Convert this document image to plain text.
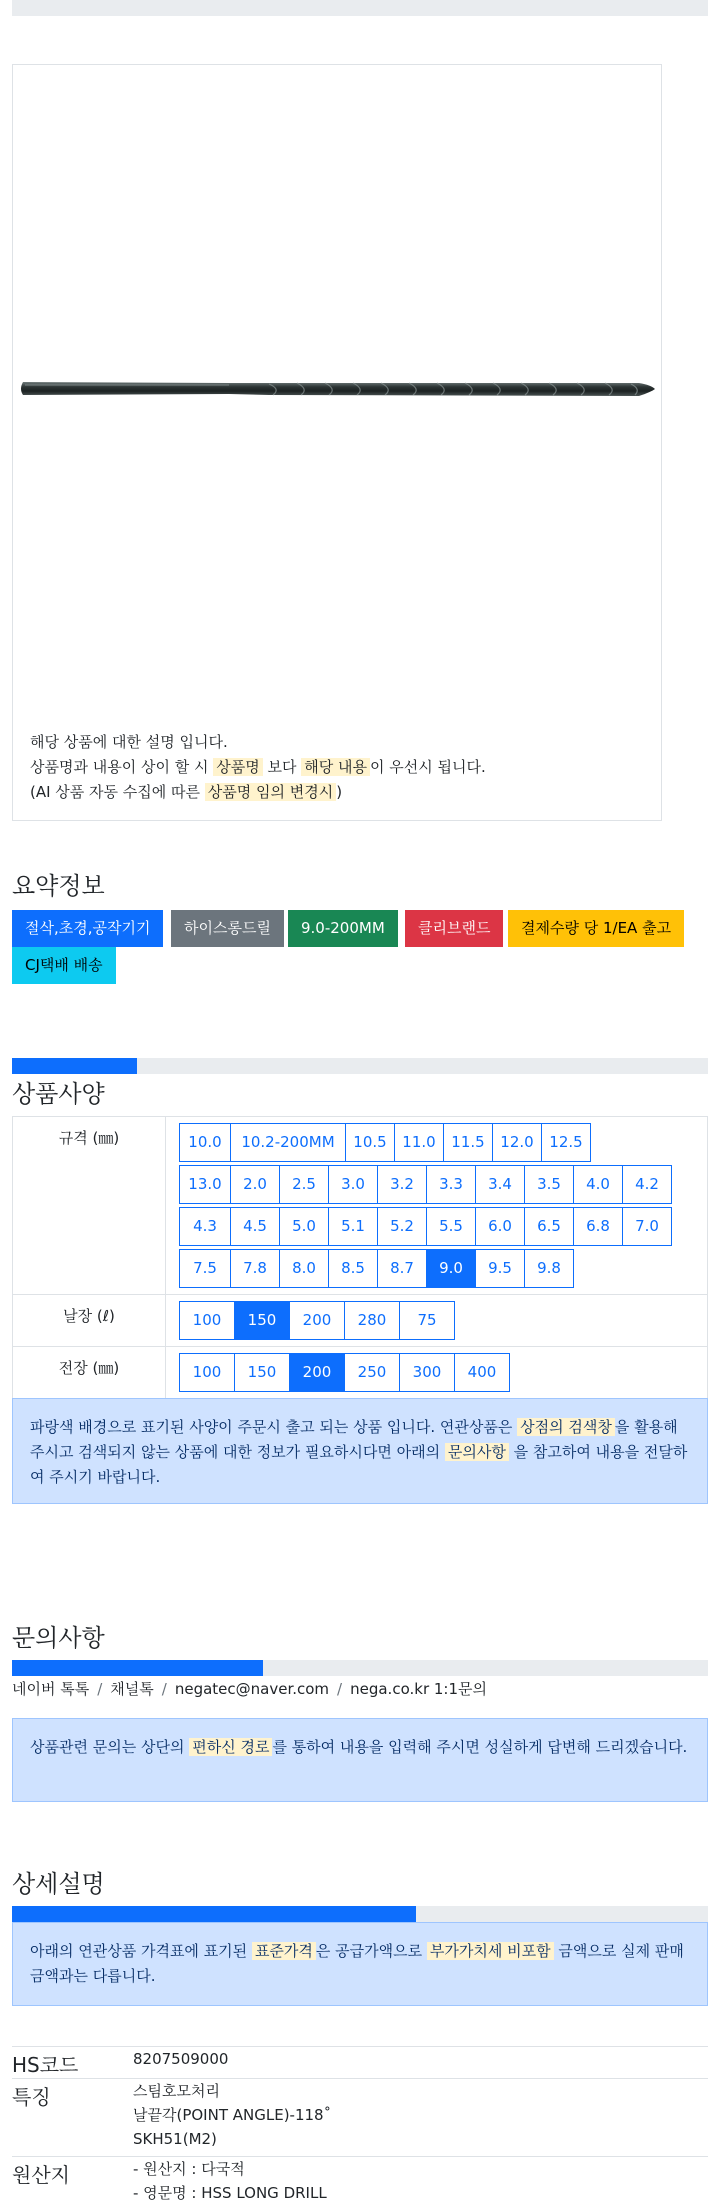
해당 상품에 대한 설명 입니다.
상품명과 내용이 상이 할 시 상품명 보다 해당 내용 이 우선시 됩니다.
(AI 상품 자동 수집에 따른 상품명 임의 변경시 )
요약정보
절삭,초경,공작기기	하이스롱드릴	9.0-200MM	클리브랜드	결제수량 당 1/EA 출고
CJ택배 배송
상품사양
규격 (㎜)	10.0	10.2-200MM	10.5	11.0	11.5	12.0	12.5
13.0	2.0	2.5	3.0	3.2	3.3	3.4	3.5	4.0	4.2
4.3	4.5	5.0	5.1	5.2	5.5	6.0	6.5	6.8	7.0
7.5	7.8	8.0	8.5	8.7	9.0	9.5	9.8
날장 (ℓ)	100	150	200	280	75
전장 (㎜)	100	150	200	250	300	400
파랑색 배경으로 표기된 사양이 주문시 출고 되는 상품 입니다. 연관상품은 상점의 검색창 을 활용해 주시고 검색되지 않는 상품에 대한 정보가 필요하시다면 아래의 문의사항 을 참고하여 내용을 전달하여 주시기 바랍니다.
문의사항
네이버 톡톡 / 채널톡 / negatec@naver.com / nega.co.kr 1:1문의
상품관련 문의는 상단의 편하신 경로 를 통하여 내용을 입력해 주시면 성실하게 답변해 드리겠습니다.
상세설명
아래의 연관상품 가격표에 표기된 표준가격 은 공급가액으로 부가가치세 비포함 금액으로 실제 판매금액과는 다릅니다.
HS코드	8207509000
특징	스팀호모처리
날끝각(POINT ANGLE)-118˚
SKH51(M2)
원산지	- 원산지 : 다국적
- 영문명 : HSS LONG DRILL
